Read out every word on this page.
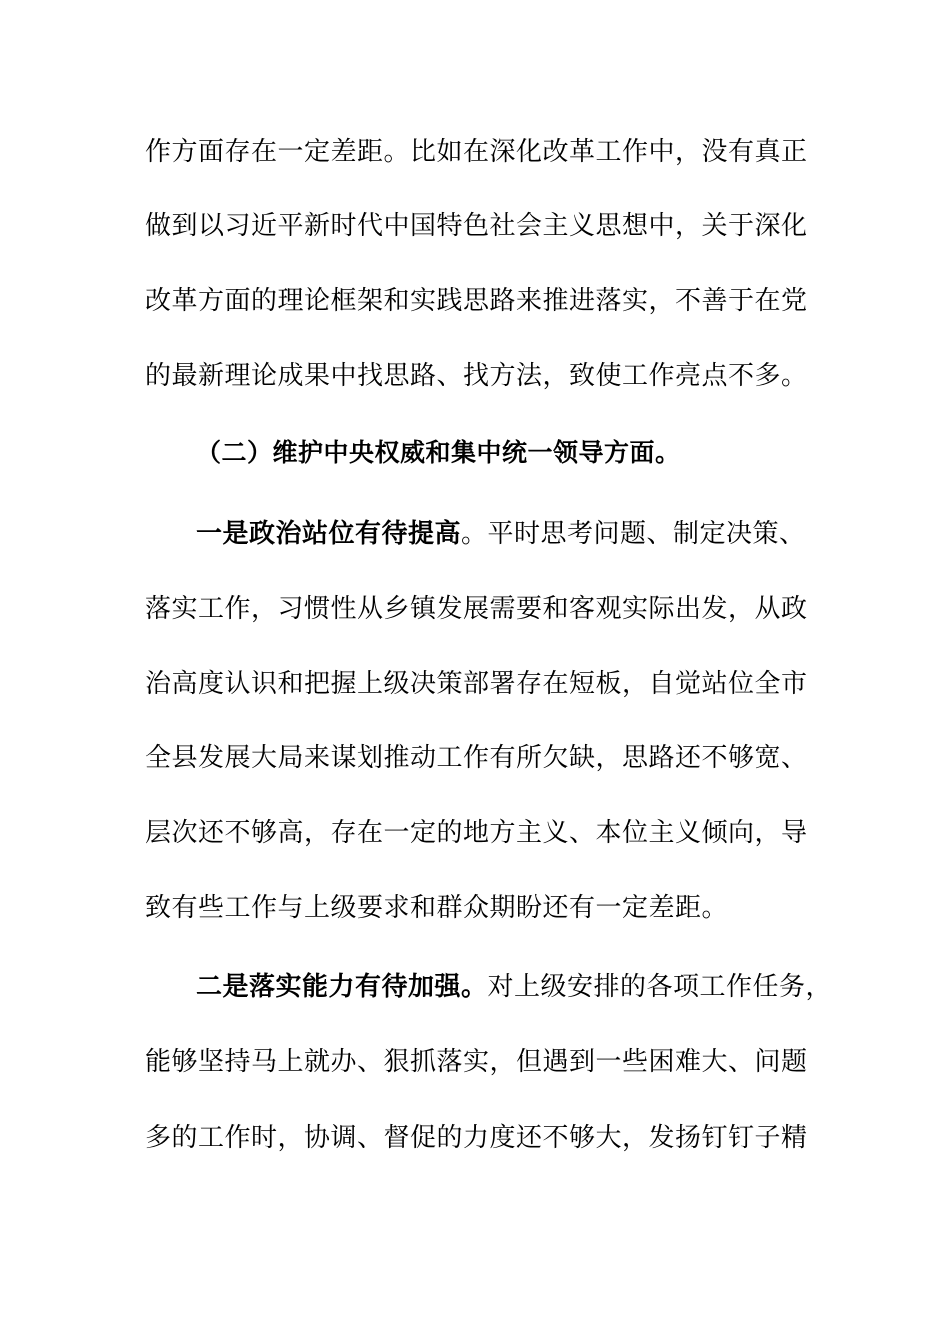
作方面存在一定差距。比如在深化改革工作中，没有真正
做到以习近平新时代中国特色社会主义思想中，关于深化
改革方面的理论框架和实践思路来推进落实，不善于在党
的最新理论成果中找思路、找方法，致使工作亮点不多。
（二）维护中央权威和集中统一领导方面。
一是政治站位有待提高。平时思考问题、制定决策、
落实工作，习惯性从乡镇发展需要和客观实际出发，从政
治高度认识和把握上级决策部署存在短板，自觉站位全市
全县发展大局来谋划推动工作有所欠缺，思路还不够宽、
层次还不够高，存在一定的地方主义、本位主义倾向，导
致有些工作与上级要求和群众期盼还有一定差距。
二是落实能力有待加强。对上级安排的各项工作任务，
能够坚持马上就办、狠抓落实，但遇到一些困难大、问题
多的工作时，协调、督促的力度还不够大，发扬钉钉子精
